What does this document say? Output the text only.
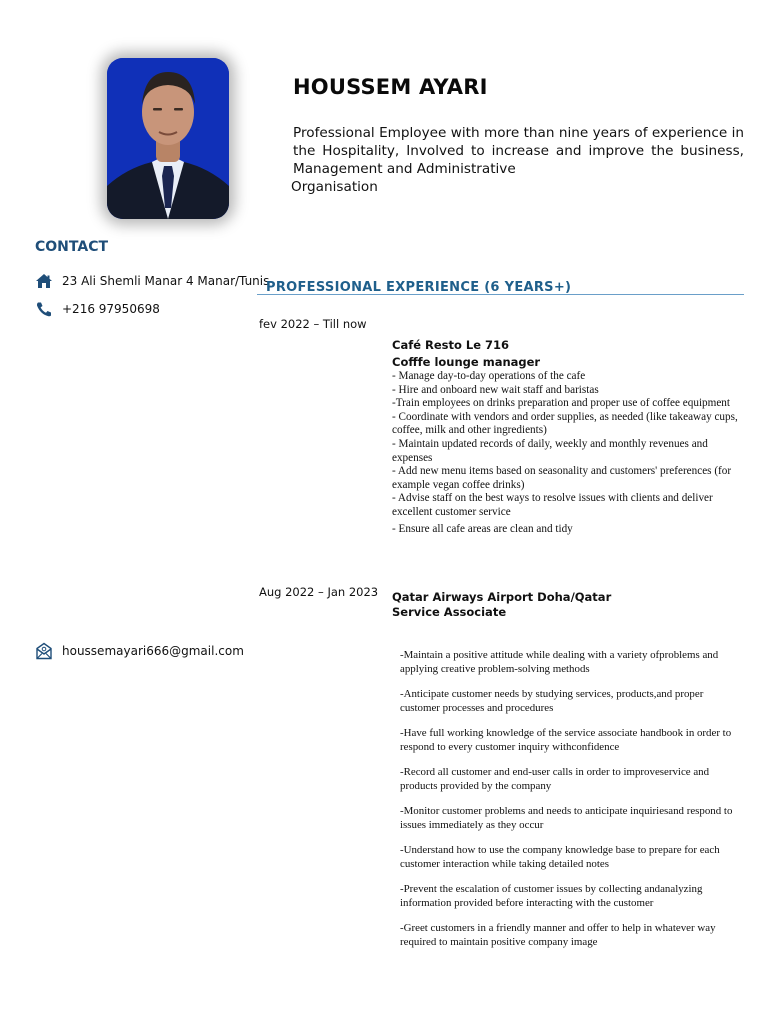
HOUSSEM AYARI
Professional Employee with more than nine years of experience in
the Hospitality, Involved to increase and improve the business,
Management and Administrative
Organisation
CONTACT
23 Ali Shemli Manar 4 Manar/Tunis
+216 97950698
houssemayari666@gmail.com
PROFESSIONAL EXPERIENCE (6 YEARS+)
fev 2022 – Till now

Café Resto Le 716

Cofffe lounge manager

- Manage day-to-day operations of the cafe
- Hire and onboard new wait staff and baristas
-Train employees on drinks preparation and proper use of coffee equipment
- Coordinate with vendors and order supplies, as needed (like takeaway cups, coffee, milk and other ingredients)
- Maintain updated records of daily, weekly and monthly revenues and expenses
- Add new menu items based on seasonality and customers' preferences (for example vegan coffee drinks)
- Advise staff on the best ways to resolve issues with clients and deliver excellent customer service
- Ensure all cafe areas are clean and tidy
Aug 2022 – Jan 2023 Qatar Airways Airport Doha/Qatar

Service Associate

-Maintain a positive attitude while dealing with a variety ofproblems and applying creative problem-solving methods
-Anticipate customer needs by studying services, products,and proper customer processes and procedures
-Have full working knowledge of the service associate handbook in order to respond to every customer inquiry withconfidence
-Record all customer and end-user calls in order to improveservice and products provided by the company
-Monitor customer problems and needs to anticipate inquiriesand respond to issues immediately as they occur
-Understand how to use the company knowledge base to prepare for each customer interaction while taking detailed notes
-Prevent the escalation of customer issues by collecting andanalyzing information provided before interacting with the customer
-Greet customers in a friendly manner and offer to help in whatever way required to maintain positive company image
